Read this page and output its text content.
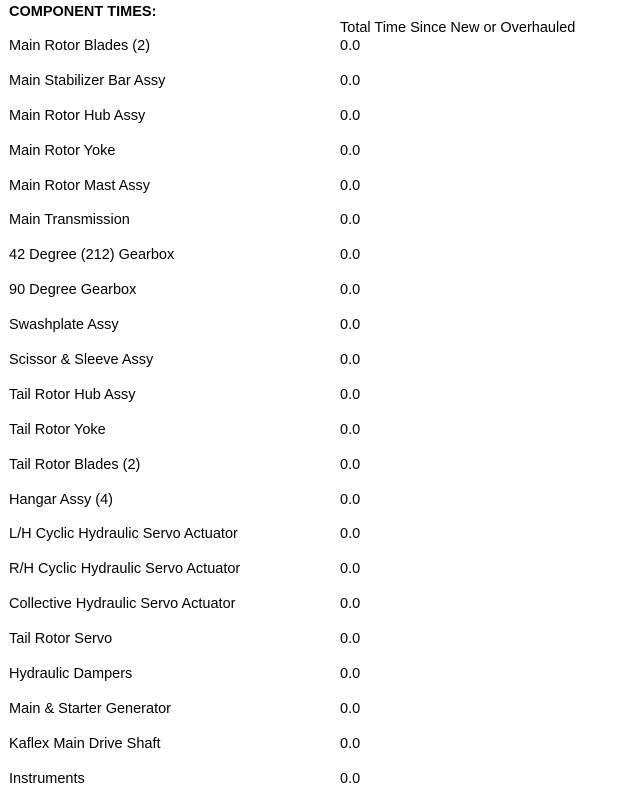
COMPONENT TIMES:
Total Time Since New or Overhauled
Main Rotor Blades (2)	0.0
Main Stabilizer Bar Assy	0.0
Main Rotor Hub Assy	0.0
Main Rotor Yoke	0.0
Main Rotor Mast Assy	0.0
Main Transmission	0.0
42 Degree (212) Gearbox	0.0
90 Degree Gearbox	0.0
Swashplate Assy	0.0
Scissor & Sleeve Assy	0.0
Tail Rotor Hub Assy	0.0
Tail Rotor Yoke	0.0
Tail Rotor Blades (2)	0.0
Hangar Assy (4)	0.0
L/H Cyclic Hydraulic Servo Actuator	0.0
R/H Cyclic Hydraulic Servo Actuator	0.0
Collective Hydraulic Servo Actuator	0.0
Tail Rotor Servo	0.0
Hydraulic Dampers	0.0
Main & Starter Generator	0.0
Kaflex Main Drive Shaft	0.0
Instruments	0.0
